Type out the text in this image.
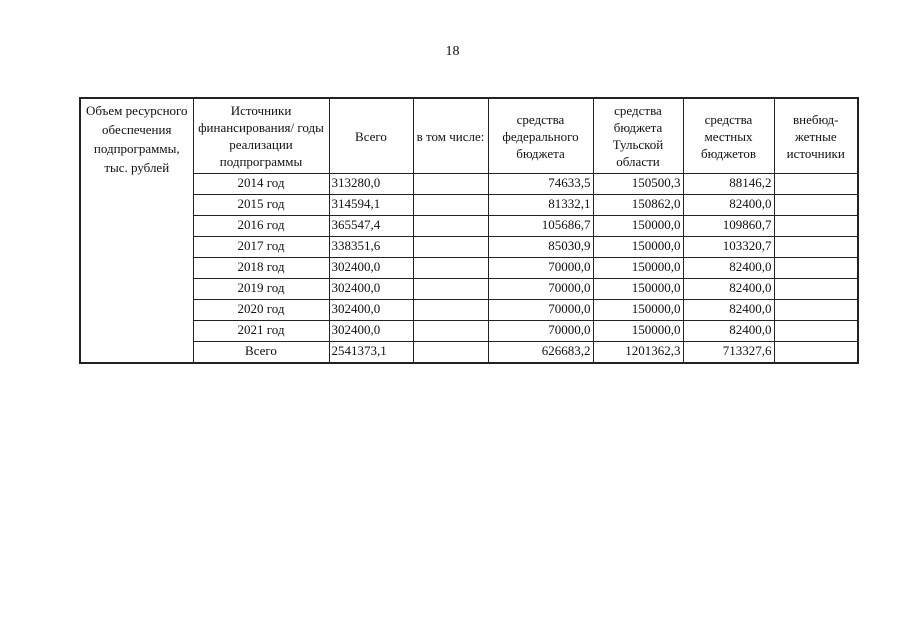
18
Объем ресурсного обеспечения подпрограммы, тыс. рублей	Источники финансирования/ годы реализации подпрограммы	Всего	в том числе:	средства федерального бюджета	средства бюджета Тульской области	средства местных бюджетов	внебюд-жетные источники
	2014 год	313280,0		74633,5	150500,3	88146,2	
	2015 год	314594,1		81332,1	150862,0	82400,0	
	2016 год	365547,4		105686,7	150000,0	109860,7	
	2017 год	338351,6		85030,9	150000,0	103320,7	
	2018 год	302400,0		70000,0	150000,0	82400,0	
	2019 год	302400,0		70000,0	150000,0	82400,0	
	2020 год	302400,0		70000,0	150000,0	82400,0	
	2021 год	302400,0		70000,0	150000,0	82400,0	
	Всего	2541373,1		626683,2	1201362,3	713327,6	
